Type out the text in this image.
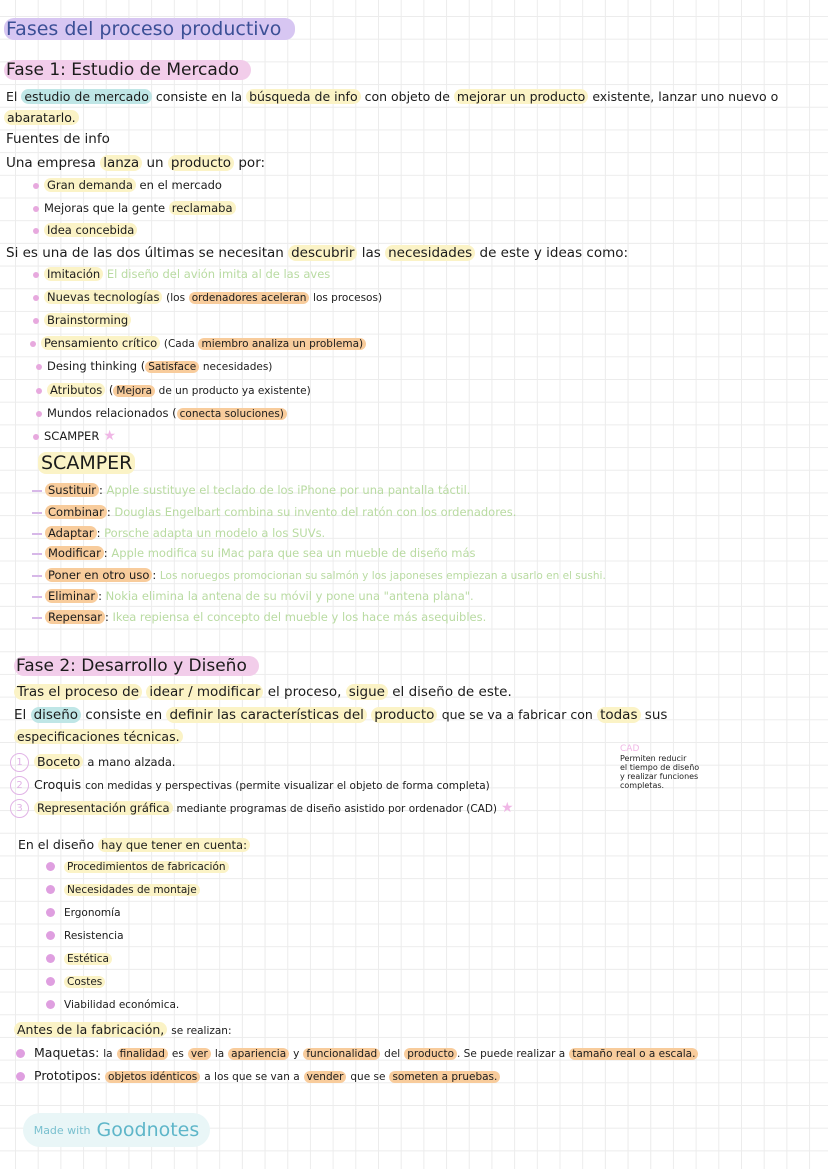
Fases del proceso productivo
Fase 1: Estudio de Mercado
El estudio de mercado consiste en la búsqueda de info con objeto de mejorar un producto existente, lanzar uno nuevo o
abaratarlo.
Fuentes de info
Una empresa lanza un producto por:
Gran demanda en el mercado
Mejoras que la gente reclamaba
Idea concebida
Si es una de las dos últimas se necesitan descubrir las necesidades de este y ideas como:
Imitación El diseño del avión imita al de las aves
Nuevas tecnologías (los ordenadores aceleran los procesos)
Brainstorming
Pensamiento crítico (Cada miembro analiza un problema)
Desing thinking ( Satisface necesidades)
Atributos ( Mejora de un producto ya existente)
Mundos relacionados ( conecta soluciones)
SCAMPER ★
SCAMPER
Sustituir : Apple sustituye el teclado de los iPhone por una pantalla táctil.
Combinar : Douglas Engelbart combina su invento del ratón con los ordenadores.
Adaptar : Porsche adapta un modelo a los SUVs.
Modificar : Apple modifica su iMac para que sea un mueble de diseño más
Poner en otro uso : Los noruegos promocionan su salmón y los japoneses empiezan a usarlo en el sushi.
Eliminar : Nokia elimina la antena de su móvil y pone una "antena plana".
Repensar : Ikea repiensa el concepto del mueble y los hace más asequibles.
Fase 2: Desarrollo y Diseño
Tras el proceso de idear / modificar el proceso, sigue el diseño de este.
El diseño consiste en definir las características del producto que se va a fabricar con todas sus
especificaciones técnicas.
1 Boceto a mano alzada.
2 Croquis con medidas y perspectivas (permite visualizar el objeto de forma completa)
3 Representación gráfica mediante programas de diseño asistido por ordenador (CAD) ★
CAD
Permiten reducir
el tiempo de diseño
y realizar funciones
completas.
En el diseño hay que tener en cuenta:
Procedimientos de fabricación
Necesidades de montaje
Ergonomía
Resistencia
Estética
Costes
Viabilidad económica.
Antes de la fabricación, se realizan:
Maquetas: la finalidad es ver la apariencia y funcionalidad del producto . Se puede realizar a tamaño real o a escala.
Prototipos: objetos idénticos a los que se van a vender que se someten a pruebas.
Made with Goodnotes
